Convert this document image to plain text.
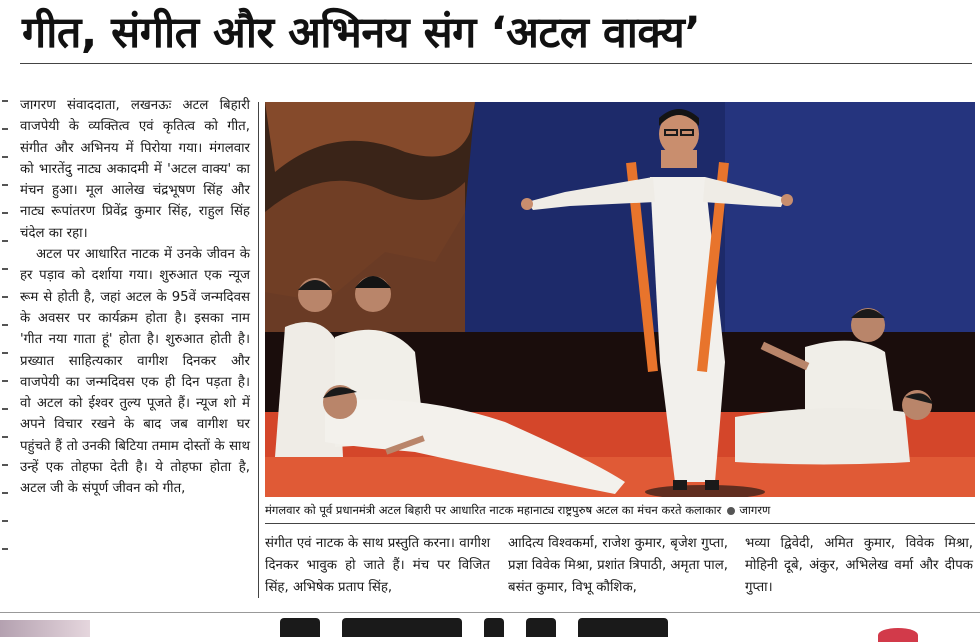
गीत, संगीत और अभिनय संग ‘अटल वाक्य’

जागरण संवाददाता, लखनऊः अटल बिहारी वाजपेयी के व्यक्तित्व एवं कृतित्व को गीत, संगीत और अभिनय में पिरोया गया। मंगलवार को भारतेंदु नाट्य अकादमी में 'अटल वाक्य' का मंचन हुआ। मूल आलेख चंद्रभूषण सिंह और नाट्य रूपांतरण प्रिवेंद्र कुमार सिंह, राहुल सिंह चंदेल का रहा।

अटल पर आधारित नाटक में उनके जीवन के हर पड़ाव को दर्शाया गया। शुरुआत एक न्यूज रूम से होती है, जहां अटल के 95वें जन्मदिवस के अवसर पर कार्यक्रम होता है। इसका नाम 'गीत नया गाता हूं' होता है। शुरुआत होती है। प्रख्यात साहित्यकार वागीश दिनकर और वाजपेयी का जन्मदिवस एक ही दिन पड़ता है। वो अटल को ईश्वर तुल्य पूजते हैं। न्यूज शो में अपने विचार रखने के बाद जब वागीश घर पहुंचते हैं तो उनकी बिटिया तमाम दोस्तों के साथ उन्हें एक तोहफा देती है। ये तोहफा होता है, अटल जी के संपूर्ण जीवन को गीत,

मंगलवार को पूर्व प्रधानमंत्री अटल बिहारी पर आधारित नाटक महानाट्य राष्ट्रपुरुष अटल का मंचन करते कलाकार जागरण

संगीत एवं नाटक के साथ प्रस्तुति करना। वागीश दिनकर भावुक हो जाते हैं। मंच पर विजित सिंह, अभिषेक प्रताप सिंह,

आदित्य विश्वकर्मा, राजेश कुमार, बृजेश गुप्ता, प्रज्ञा विवेक मिश्रा, प्रशांत त्रिपाठी, अमृता पाल, बसंत कुमार, विभू कौशिक,

भव्या द्विवेदी, अमित कुमार, विवेक मिश्रा, मोहिनी दूबे, अंकुर, अभिलेख वर्मा और दीपक गुप्ता।
